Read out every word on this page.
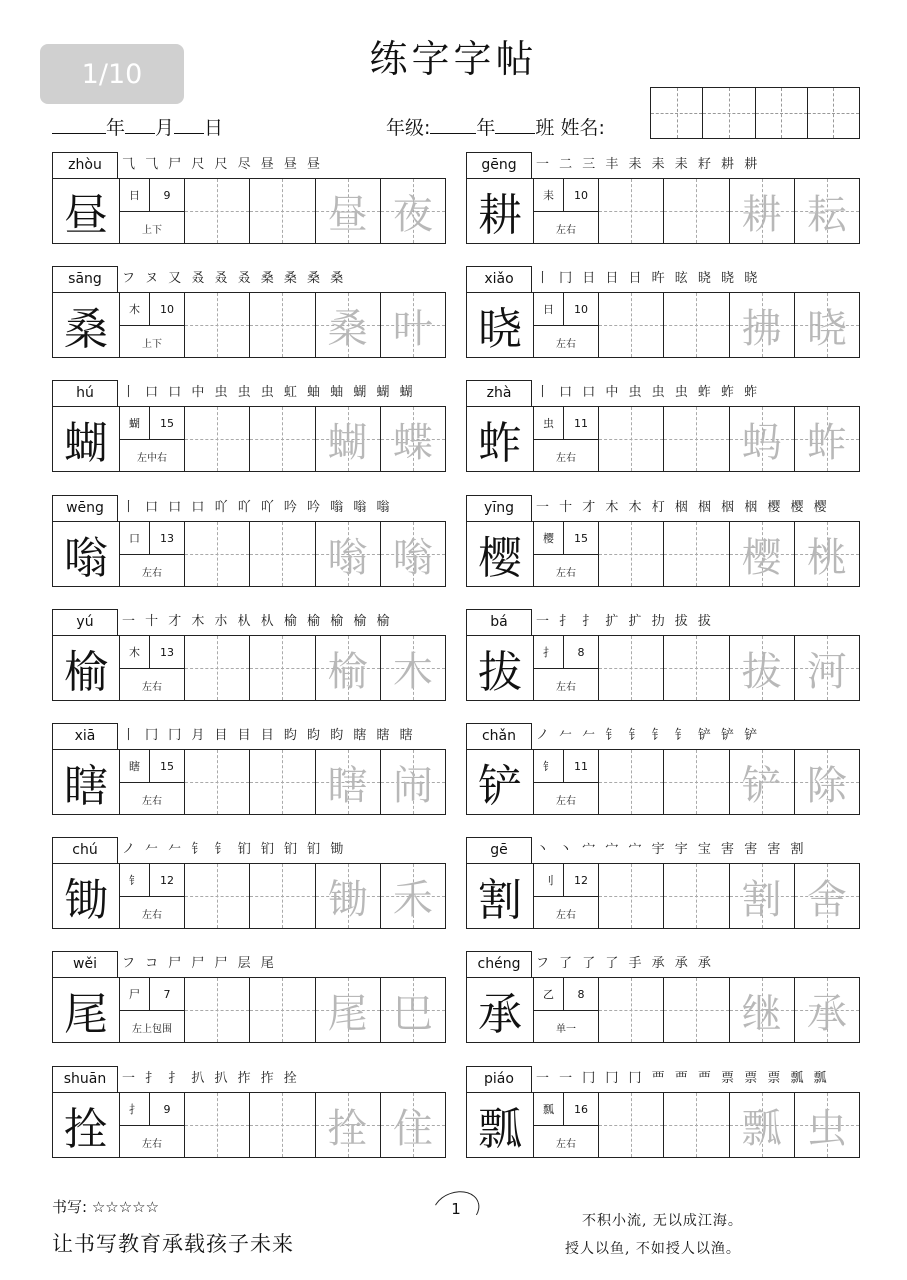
1/10	练字字帖
年 月 日	年级: 年 班 姓名:
zhòu	⺄ ⺄ 尸 尺 尺 尽 昼 昼 昼
昼	日	9
上下	昼 夜
gēng	一 二 三 丰 耒 耒 耒 耔 耕 耕
耕	耒	10
左右	耕 耘
sāng	フ ヌ 又 叒 叒 叒 桑 桑 桑 桑
桑	木	10
上下	桑 叶
xiǎo	丨 冂 日 日 日 旿 昡 晓 晓 晓
晓	日	10
左右	拂 晓
hú	丨 口 口 中 虫 虫 虫 虹 蚰 蚰 蝴 蝴 蝴
蝴	蝴	15
左中右	蝴 蝶
zhà	丨 口 口 中 虫 虫 虫 蚱 蚱 蚱
蚱	虫	11
左右	蚂 蚱
wēng	丨 口 口 口 吖 吖 吖 吟 吟 嗡 嗡 嗡
嗡	口	13
左右	嗡 嗡
yīng	一 十 才 木 木 朾 栶 栶 栶 栶 樱 樱 樱
樱	樱	15
左右	樱 桃
yú	一 十 才 木 朩 朲 朲 榆 榆 榆 榆 榆
榆	木	13
左右	榆 木
bá	一 扌 扌 扩 扩 扐 拔 拔
拔	扌	8
左右	拔 河
xiā	丨 冂 冂 月 目 目 目 盷 盷 盷 瞎 瞎 瞎
瞎	瞎	15
左右	瞎 闹
chǎn	ノ 𠂉 𠂉 钅 钅 钅 钅 铲 铲 铲
铲	钅	11
左右	铲 除
chú	ノ 𠂉 𠂉 钅 钅 钔 钔 钔 钔 锄
锄	钅	12
左右	锄 禾
gē	丶 丶 宀 宀 宀 宇 宇 宝 害 害 害 割
割	刂	12
左右	割 舍
wěi	フ コ 尸 尸 尸 层 尾
尾	尸	7
左上包围	尾 巴
chéng	フ 了 了 了 手 承 承 承
承	乙	8
单一	继 承
shuān	一 扌 扌 扒 扒 拃 拃 拴
拴	扌	9
左右	拴 住
piáo	一 一 冂 冂 冂 覀 覀 覀 票 票 票 瓢 瓢
瓢	瓢	16
左右	瓢 虫
书写: ☆☆☆☆☆
让书写教育承载孩子未来
1
不积小流, 无以成江海。
授人以鱼, 不如授人以渔。
